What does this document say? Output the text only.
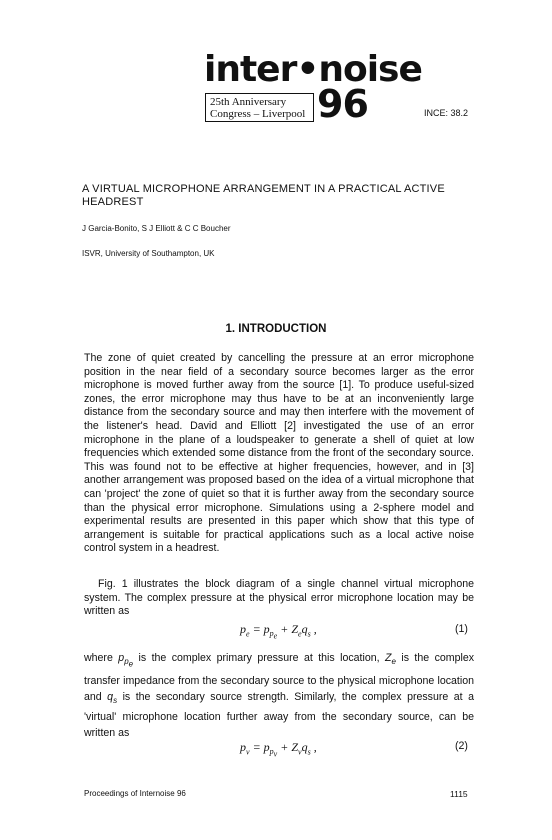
inter•noise
25th Anniversary
Congress – Liverpool 96	INCE: 38.2
A VIRTUAL MICROPHONE ARRANGEMENT IN A PRACTICAL ACTIVE HEADREST
J Garcia-Bonito, S J Elliott & C C Boucher
ISVR, University of Southampton, UK
1. INTRODUCTION
The zone of quiet created by cancelling the pressure at an error microphone position in the near field of a secondary source becomes larger as the error microphone is moved further away from the source [1]. To produce useful-sized zones, the error microphone may thus have to be at an inconveniently large distance from the secondary source and may then interfere with the movement of the listener's head. David and Elliott [2] investigated the use of an error microphone in the plane of a loudspeaker to generate a shell of quiet at low frequencies which extended some distance from the front of the secondary source. This was found not to be effective at higher frequencies, however, and in [3] another arrangement was proposed based on the idea of a virtual microphone that can 'project' the zone of quiet so that it is further away from the secondary source than the physical error microphone. Simulations using a 2-sphere model and experimental results are presented in this paper which show that this type of arrangement is suitable for practical applications such as a local active noise control system in a headrest.
Fig. 1 illustrates the block diagram of a single channel virtual microphone system. The complex pressure at the physical error microphone location may be written as
$p_e = p_{p_e} + Z_eq_s$ ,	(1)
where $p_{p_e}$ is the complex primary pressure at this location, $Z_e$ is the complex transfer impedance from the secondary source to the physical microphone location and $q_s$ is the secondary source strength. Similarly, the complex pressure at a 'virtual' microphone location further away from the secondary source, can be written as
$p_v = p_{p_v} + Z_vq_s$ ,	(2)
Proceedings of Internoise 96	1115
